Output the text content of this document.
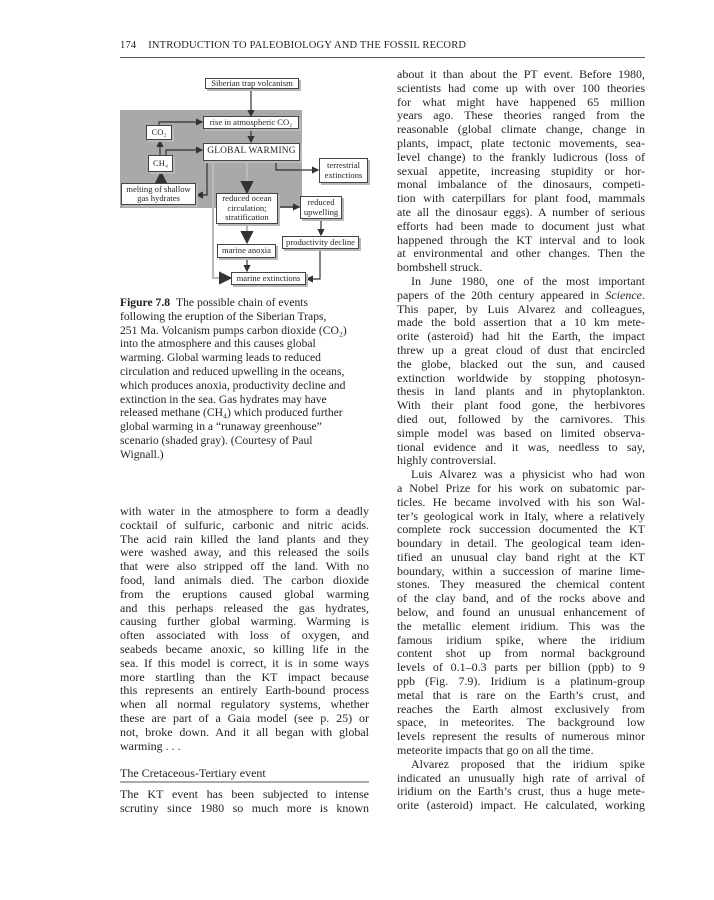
174 INTRODUCTION TO PALEOBIOLOGY AND THE FOSSIL RECORD
Siberian trap volcanism
rise in atmospheric CO₂
CO₂
GLOBAL WARMING
CH₄
melting of shallow gas hydrates
terrestrial extinctions
reduced ocean circulation; stratification
reduced upwelling
productivity decline
marine anoxia
marine extinctions
Figure 7.8 The possible chain of events
following the eruption of the Siberian Traps,
251 Ma. Volcanism pumps carbon dioxide (CO₂)
into the atmosphere and this causes global
warming. Global warming leads to reduced
circulation and reduced upwelling in the oceans,
which produces anoxia, productivity decline and
extinction in the sea. Gas hydrates may have
released methane (CH₄) which produced further
global warming in a “runaway greenhouse”
scenario (shaded gray). (Courtesy of Paul
Wignall.)
with water in the atmosphere to form a deadly
cocktail of sulfuric, carbonic and nitric acids.
The acid rain killed the land plants and they
were washed away, and this released the soils
that were also stripped off the land. With no
food, land animals died. The carbon dioxide
from the eruptions caused global warming
and this perhaps released the gas hydrates,
causing further global warming. Warming is
often associated with loss of oxygen, and
seabeds became anoxic, so killing life in the
sea. If this model is correct, it is in some ways
more startling than the KT impact because
this represents an entirely Earth-bound process
when all normal regulatory systems, whether
these are part of a Gaia model (see p. 25) or
not, broke down. And it all began with global
warming . . .
The Cretaceous-Tertiary event
The KT event has been subjected to intense
scrutiny since 1980 so much more is known
about it than about the PT event. Before 1980,
scientists had come up with over 100 theories
for what might have happened 65 million
years ago. These theories ranged from the
reasonable (global climate change, change in
plants, impact, plate tectonic movements, sea-
level change) to the frankly ludicrous (loss of
sexual appetite, increasing stupidity or hor-
monal imbalance of the dinosaurs, competi-
tion with caterpillars for plant food, mammals
ate all the dinosaur eggs). A number of serious
efforts had been made to document just what
happened through the KT interval and to look
at environmental and other changes. Then the
bombshell struck.
In June 1980, one of the most important
papers of the 20th century appeared in Science.
This paper, by Luis Alvarez and colleagues,
made the bold assertion that a 10 km mete-
orite (asteroid) had hit the Earth, the impact
threw up a great cloud of dust that encircled
the globe, blacked out the sun, and caused
extinction worldwide by stopping photosyn-
thesis in land plants and in phytoplankton.
With their plant food gone, the herbivores
died out, followed by the carnivores. This
simple model was based on limited observa-
tional evidence and it was, needless to say,
highly controversial.
Luis Alvarez was a physicist who had won
a Nobel Prize for his work on subatomic par-
ticles. He became involved with his son Wal-
ter’s geological work in Italy, where a relatively
complete rock succession documented the KT
boundary in detail. The geological team iden-
tified an unusual clay band right at the KT
boundary, within a succession of marine lime-
stones. They measured the chemical content
of the clay band, and of the rocks above and
below, and found an unusual enhancement of
the metallic element iridium. This was the
famous iridium spike, where the iridium
content shot up from normal background
levels of 0.1–0.3 parts per billion (ppb) to 9
ppb (Fig. 7.9). Iridium is a platinum-group
metal that is rare on the Earth’s crust, and
reaches the Earth almost exclusively from
space, in meteorites. The background low
levels represent the results of numerous minor
meteorite impacts that go on all the time.
Alvarez proposed that the iridium spike
indicated an unusually high rate of arrival of
iridium on the Earth’s crust, thus a huge mete-
orite (asteroid) impact. He calculated, working
